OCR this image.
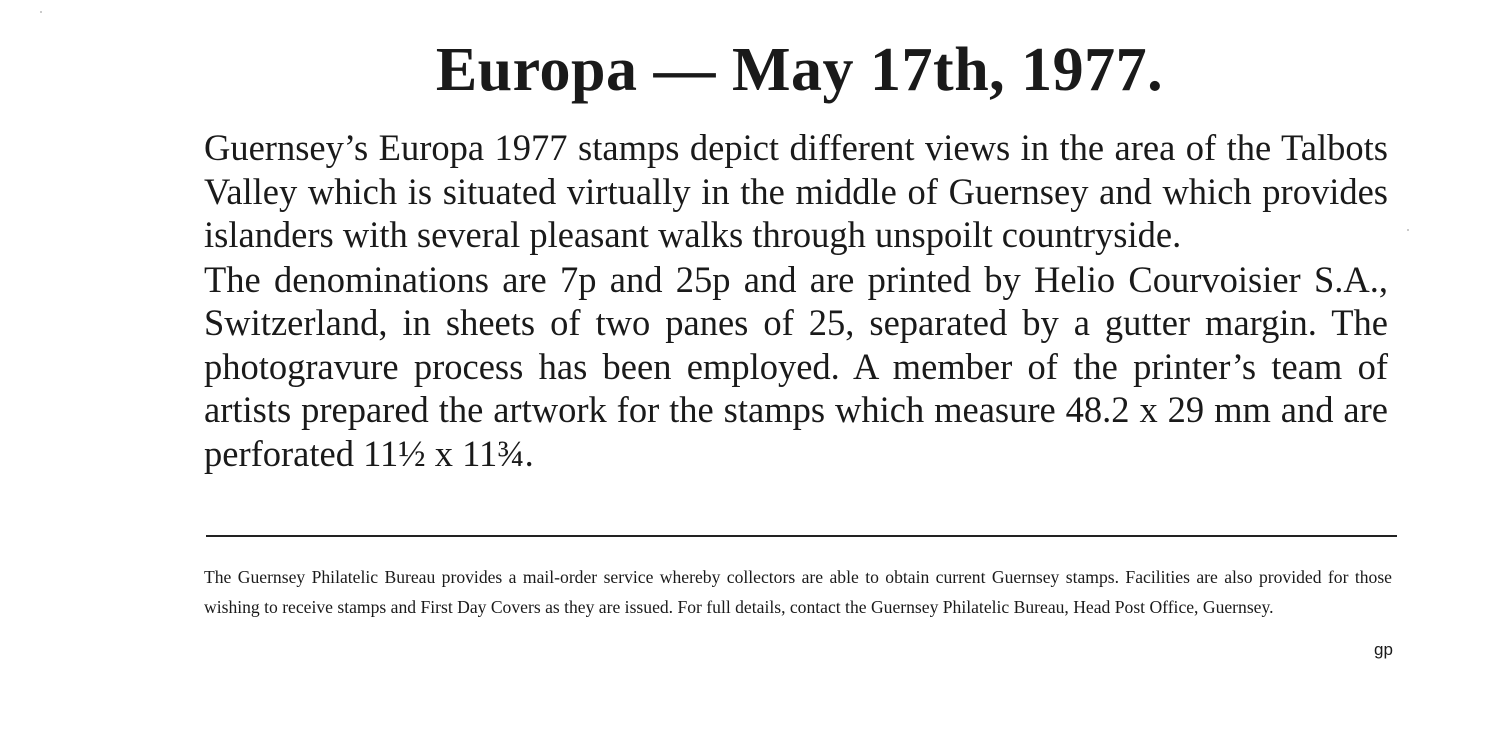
Europa — May 17th, 1977.

Guernsey’s Europa 1977 stamps depict different views in the area of the Talbots Valley which is situated virtually in the middle of Guernsey and which provides islanders with several pleasant walks through unspoilt countryside.

The denominations are 7p and 25p and are printed by Helio Courvoisier S.A., Switzerland, in sheets of two panes of 25, separated by a gutter margin. The photogravure process has been employed. A member of the printer’s team of artists prepared the artwork for the stamps which measure 48.2 x 29 mm and are perforated 11½ x 11¾.

The Guernsey Philatelic Bureau provides a mail-order service whereby collectors are able to obtain current Guernsey stamps. Facilities are also provided for those wishing to receive stamps and First Day Covers as they are issued. For full details, contact the Guernsey Philatelic Bureau, Head Post Office, Guernsey.

gp
